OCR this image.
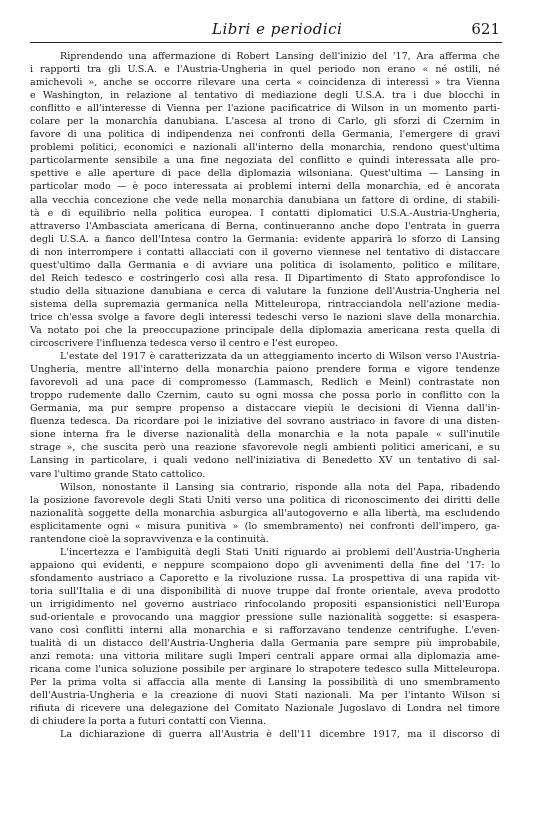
Libri e periodici	621
Riprendendo una affermazione di Robert Lansing dell'inizio del '17, Ara afferma che
i rapporti tra gli U.S.A. e l'Austria-Ungheria in quel periodo non erano « né ostili, né
amichevoli », anche se occorre rilevare una certa « coincidenza di interessi » tra Vienna
e Washington, in relazione al tentativo di mediazione degli U.S.A. tra i due blocchi in
conflitto e all'interesse di Vienna per l'azione pacificatrice di Wilson in un momento parti-
colare per la monarchia danubiana. L'ascesa al trono di Carlo, gli sforzi di Czernim in
favore di una politica di indipendenza nei confronti della Germania, l'emergere di gravi
problemi politici, economici e nazionali all'interno della monarchia, rendono quest'ultima
particolarmente sensibile a una fine negoziata del conflitto e quindi interessata alle pro-
spettive e alle aperture di pace della diplomazia wilsoniana. Quest'ultima — Lansing in
particolar modo — è poco interessata ai problemi interni della monarchia, ed è ancorata
alla vecchia concezione che vede nella monarchia danubiana un fattore di ordine, di stabili-
tà e di equilibrio nella politica europea. I contatti diplomatici U.S.A.-Austria-Ungheria,
attraverso l'Ambasciata americana di Berna, continueranno anche dopo l'entrata in guerra
degli U.S.A. a fianco dell'Intesa contro la Germania: evidente apparirà lo sforzo di Lansing
di non interrompere i contatti allacciati con il governo viennese nel tentativo di distaccare
quest'ultimo dalla Germania e di avviare una politica di isolamento, politico e militare,
del Reich tedesco e costringerlo così alla resa. Il Dipartimento di Stato approfondisce lo
studio della situazione danubiana e cerca di valutare la funzione dell'Austria-Ungheria nel
sistema della supremazia germanica nella Mitteleuropa, rintracciandola nell'azione media-
trice ch'essa svolge a favore degli interessi tedeschi verso le nazioni slave della monarchia.
Va notato poi che la preoccupazione principale della diplomazia americana resta quella di
circoscrivere l'influenza tedesca verso il centro e l'est europeo.
L'estate del 1917 è caratterizzata da un atteggiamento incerto di Wilson verso l'Austria-
Ungheria, mentre all'interno della monarchia paiono prendere forma e vigore tendenze
favorevoli ad una pace di compromesso (Lammasch, Redlich e Meinl) contrastate non
troppo rudemente dallo Czernim, cauto su ogni mossa che possa porlo in conflitto con la
Germania, ma pur sempre propenso a distaccare viepiù le decisioni di Vienna dall'in-
fluenza tedesca. Da ricordare poi le iniziative del sovrano austriaco in favore di una disten-
sione interna fra le diverse nazionalità della monarchia e la nota papale « sull'inutile
strage », che suscita però una reazione sfavorevole negli ambienti politici americani, e su
Lansing in particolare, i quali vedono nell'iniziativa di Benedetto XV un tentativo di sal-
vare l'ultimo grande Stato cattolico.
Wilson, nonostante il Lansing sia contrario, risponde alla nota del Papa, ribadendo
la posizione favorevole degli Stati Uniti verso una politica di riconoscimento dei diritti delle
nazionalità soggette della monarchia asburgica all'autogoverno e alla libertà, ma escludendo
esplicitamente ogni « misura punitiva » (lo smembramento) nei confronti dell'impero, ga-
rantendone cioè la sopravvivenza e la continuità.
L'incertezza e l'ambiguità degli Stati Uniti riguardo ai problemi dell'Austria-Ungheria
appaiono qui evidenti, e neppure scompaiono dopo gli avvenimenti della fine del '17: lo
sfondamento austriaco a Caporetto e la rivoluzione russa. La prospettiva di una rapida vit-
toria sull'Italia e di una disponibilità di nuove truppe dal fronte orientale, aveva prodotto
un irrigidimento nel governo austriaco rinfocolando propositi espansionistici nell'Europa
sud-orientale e provocando una maggior pressione sulle nazionalità soggette: si esaspera-
vano così conflitti interni alla monarchia e si rafforzavano tendenze centrifughe. L'even-
tualità di un distacco dell'Austria-Ungheria dalla Germania pare sempre più improbabile,
anzi remota: una vittoria militare sugli Imperi centrali appare ormai alla diplomazia ame-
ricana come l'unica soluzione possibile per arginare lo strapotere tedesco sulla Mitteleuropa.
Per la prima volta si affaccia alla mente di Lansing la possibilità di uno smembramento
dell'Austria-Ungheria e la creazione di nuovi Stati nazionali. Ma per l'intanto Wilson si
rifiuta di ricevere una delegazione del Comitato Nazionale Jugoslavo di Londra nel timore
di chiudere la porta a futuri contatti con Vienna.
La dichiarazione di guerra all'Austria è dell'11 dicembre 1917, ma il discorso di
